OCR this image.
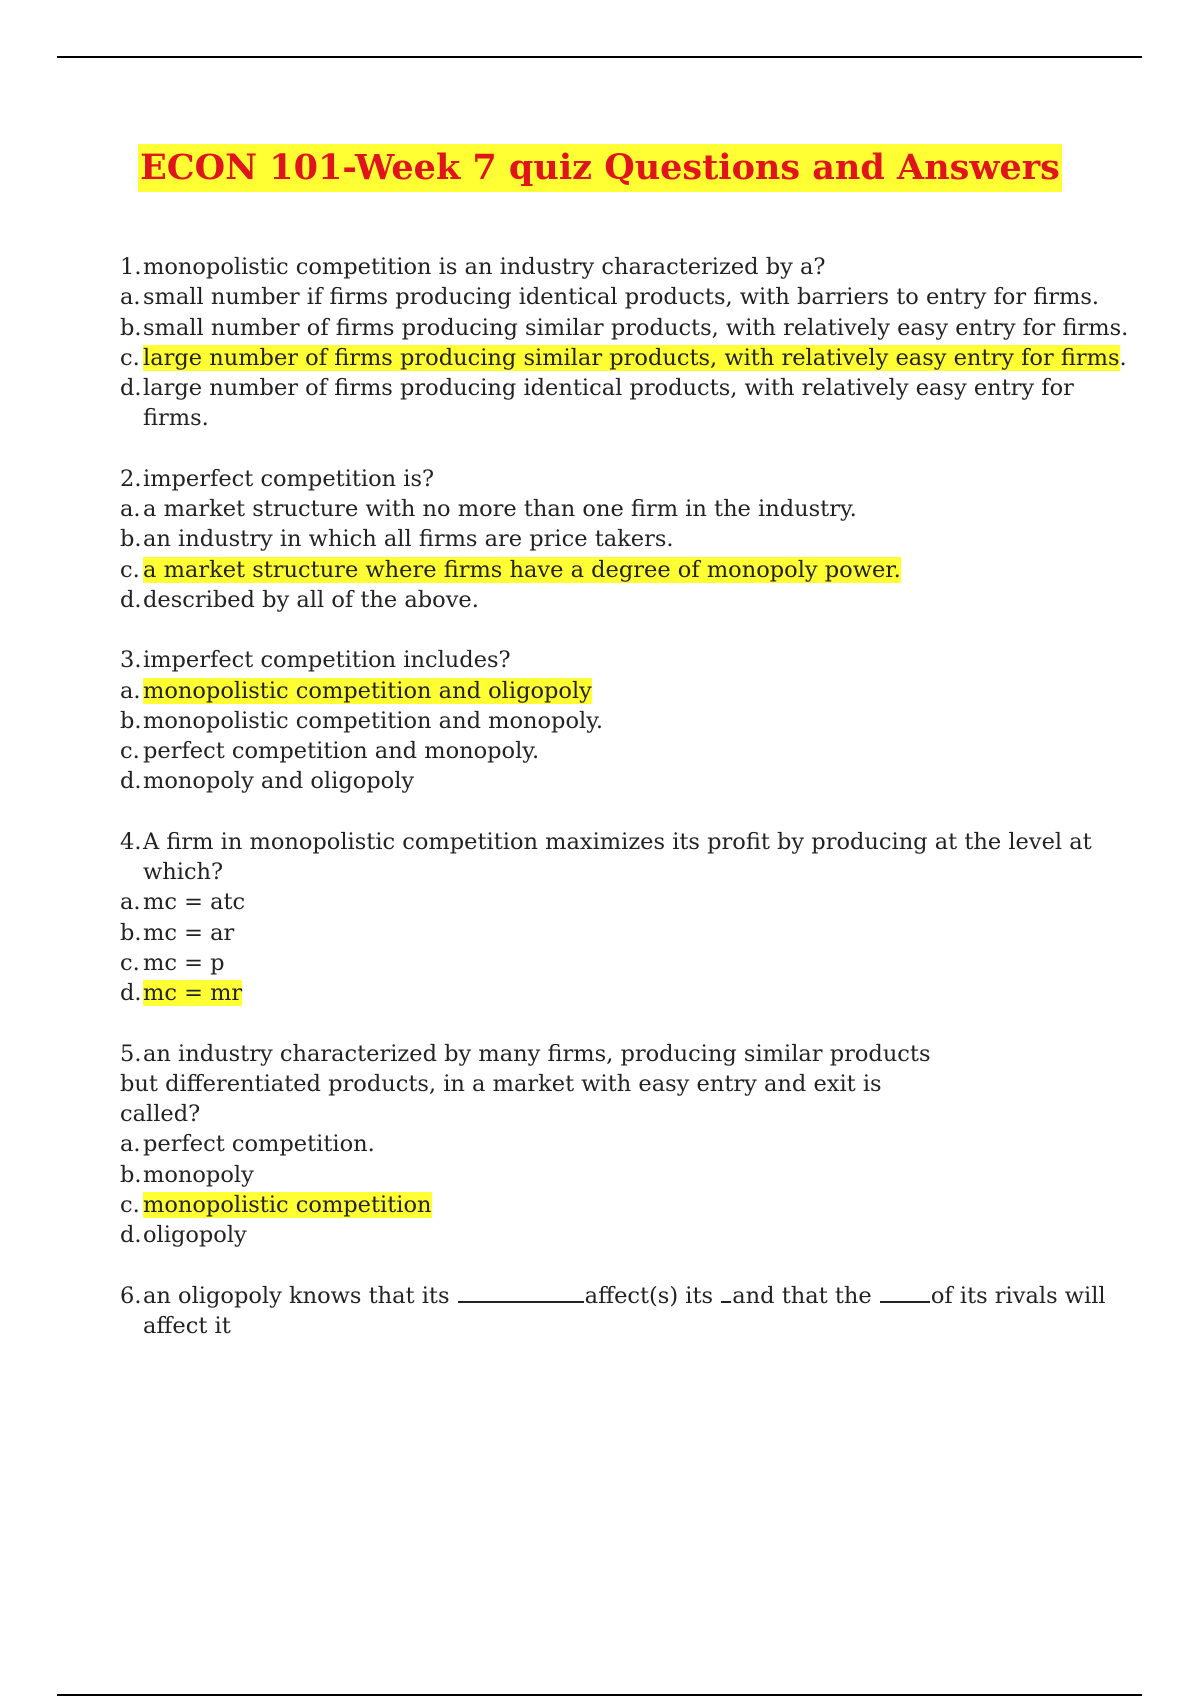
ECON 101-Week 7 quiz Questions and Answers
1. monopolistic competition is an industry characterized by a?
a. small number if firms producing identical products, with barriers to entry for firms.
b. small number of firms producing similar products, with relatively easy entry for firms.
c. large number of firms producing similar products, with relatively easy entry for firms.
d. large number of firms producing identical products, with relatively easy entry for firms.
2. imperfect competition is?
a. a market structure with no more than one firm in the industry.
b. an industry in which all firms are price takers.
c. a market structure where firms have a degree of monopoly power.
d. described by all of the above.
3. imperfect competition includes?
a. monopolistic competition and oligopoly
b. monopolistic competition and monopoly.
c. perfect competition and monopoly.
d. monopoly and oligopoly
4. A firm in monopolistic competition maximizes its profit by producing at the level at which?
a. mc = atc
b. mc = ar
c. mc = p
d. mc = mr
5. an industry characterized by many firms, producing similar products
but differentiated products, in a market with easy entry and exit is called?
a. perfect competition.
b. monopoly
c. monopolistic competition
d. oligopoly
6. an oligopoly knows that its	affect(s) its and that the of its rivals will affect it
